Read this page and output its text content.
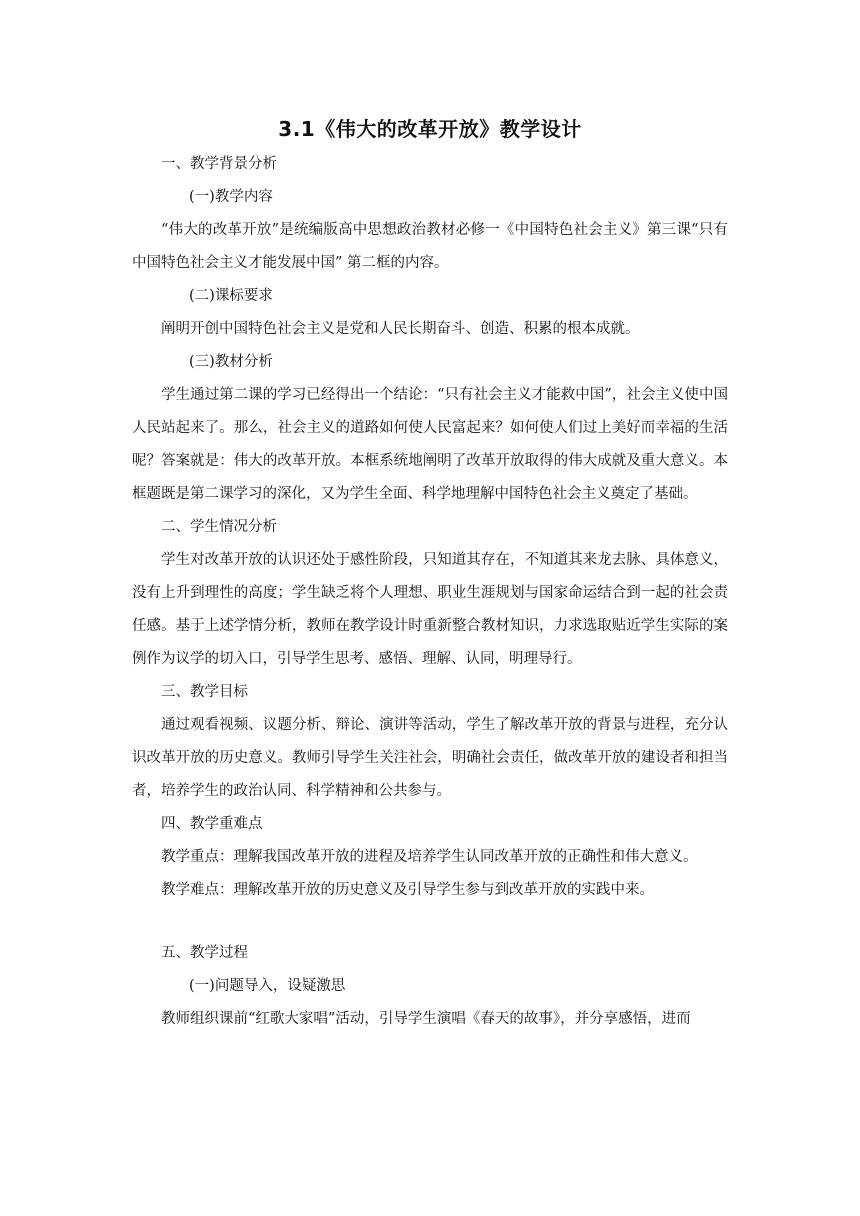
3.1《伟大的改革开放》教学设计
一、教学背景分析
(一)教学内容

“伟大的改革开放”是统编版高中思想政治教材必修一《中国特色社会主义》第三课“只有中国特色社会主义才能发展中国” 第二框的内容。

(二)课标要求

阐明开创中国特色社会主义是党和人民长期奋斗、创造、积累的根本成就。

(三)教材分析

学生通过第二课的学习已经得出一个结论：“只有社会主义才能救中国”，社会主义使中国人民站起来了。那么，社会主义的道路如何使人民富起来？如何使人们过上美好而幸福的生活呢？答案就是：伟大的改革开放。本框系统地阐明了改革开放取得的伟大成就及重大意义。本框题既是第二课学习的深化，又为学生全面、科学地理解中国特色社会主义奠定了基础。

二、学生情况分析

学生对改革开放的认识还处于感性阶段，只知道其存在，不知道其来龙去脉、具体意义，没有上升到理性的高度；学生缺乏将个人理想、职业生涯规划与国家命运结合到一起的社会责任感。基于上述学情分析，教师在教学设计时重新整合教材知识，力求选取贴近学生实际的案例作为议学的切入口，引导学生思考、感悟、理解、认同，明理导行。

三、教学目标

通过观看视频、议题分析、辩论、演讲等活动，学生了解改革开放的背景与进程，充分认识改革开放的历史意义。教师引导学生关注社会，明确社会责任，做改革开放的建设者和担当者，培养学生的政治认同、科学精神和公共参与。

四、教学重难点

教学重点：理解我国改革开放的进程及培养学生认同改革开放的正确性和伟大意义。

教学难点：理解改革开放的历史意义及引导学生参与到改革开放的实践中来。

五、教学过程
(一)问题导入，设疑激思

教师组织课前“红歌大家唱”活动，引导学生演唱《春天的故事》，并分享感悟，进而
